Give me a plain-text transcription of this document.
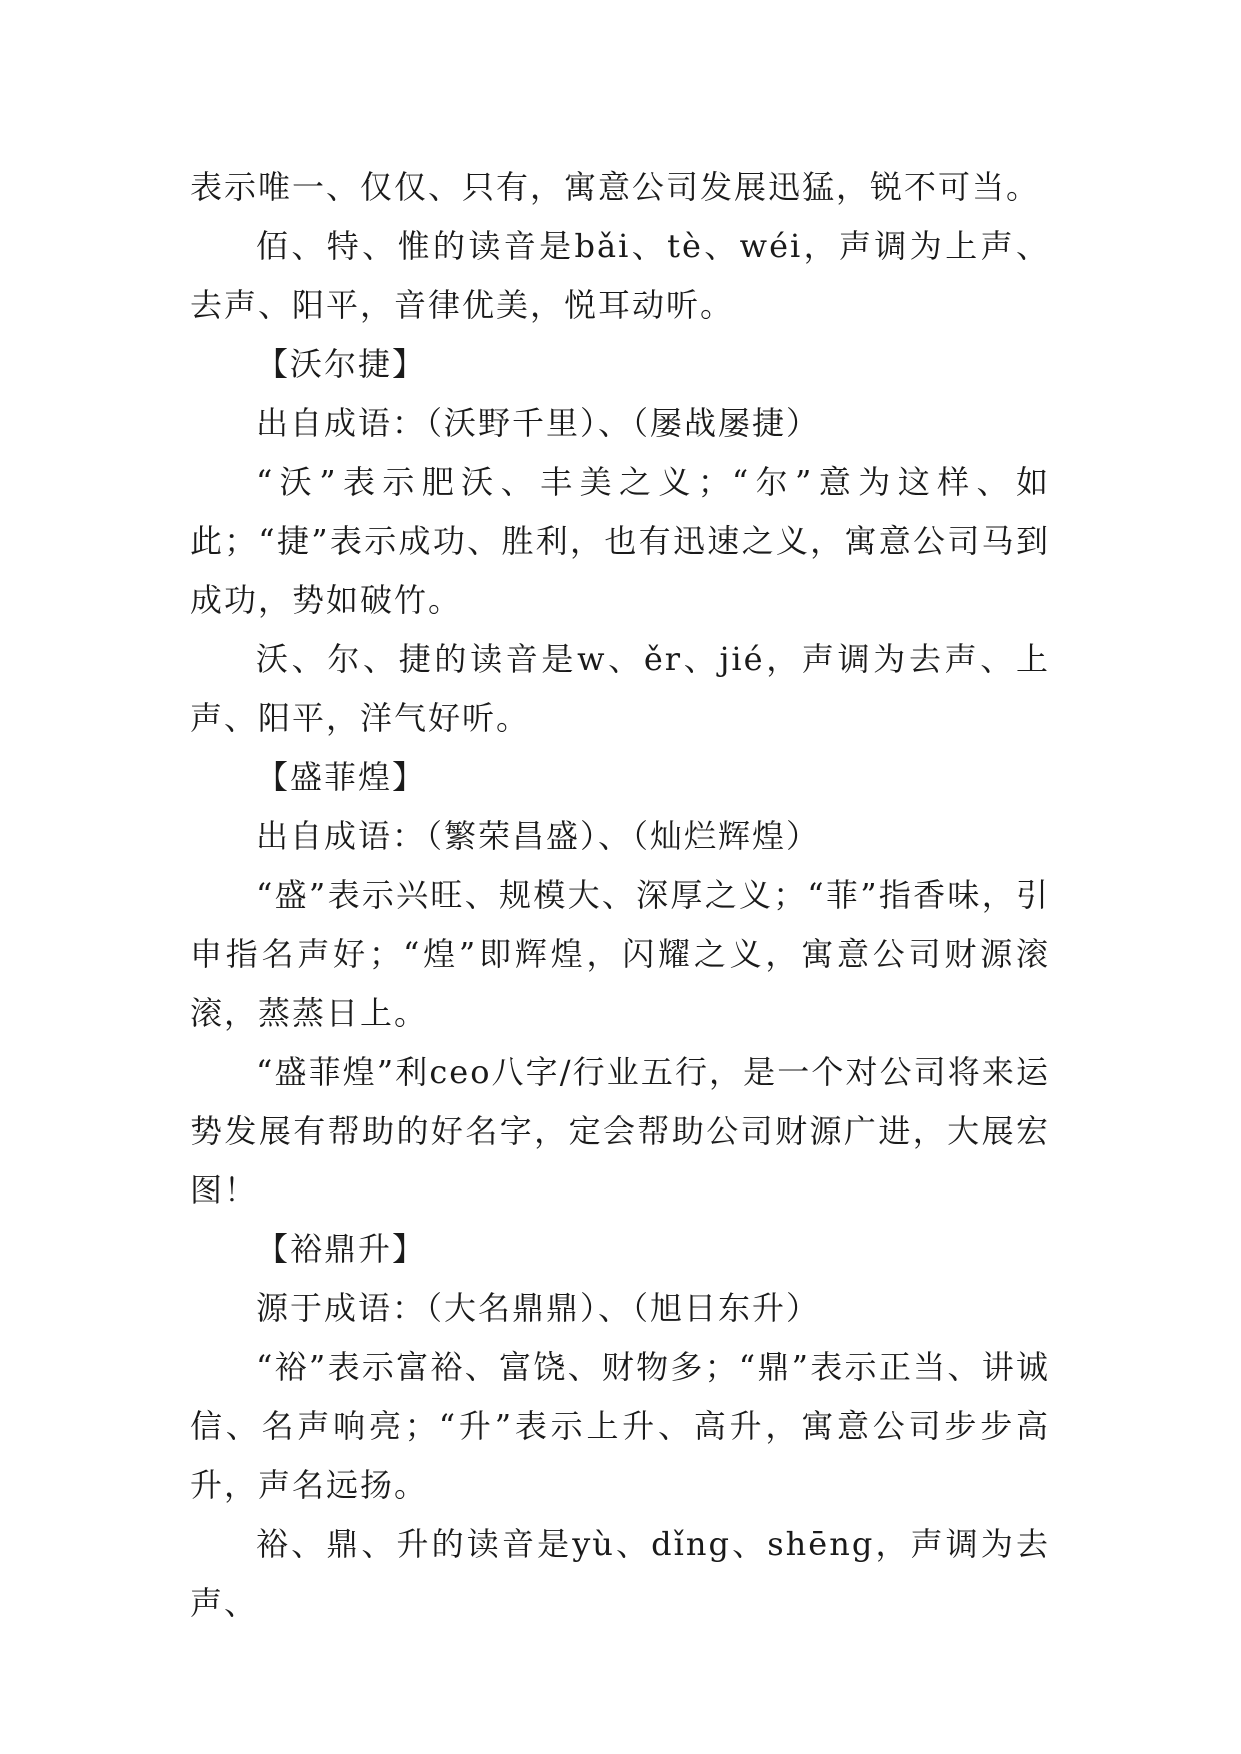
表示唯一、仅仅、只有，寓意公司发展迅猛，锐不可当。

佰、特、惟的读音是bǎi、tè、wéi，声调为上声、去声、阳平，音律优美，悦耳动听。

【沃尔捷】

出自成语：（沃野千里）、（屡战屡捷）

“沃”表示肥沃、丰美之义；“尔”意为这样、如此；“捷”表示成功、胜利，也有迅速之义，寓意公司马到成功，势如破竹。

沃、尔、捷的读音是w、ěr、jié，声调为去声、上声、阳平，洋气好听。

【盛菲煌】

出自成语：（繁荣昌盛）、（灿烂辉煌）

“盛”表示兴旺、规模大、深厚之义；“菲”指香味，引申指名声好；“煌”即辉煌，闪耀之义，寓意公司财源滚滚，蒸蒸日上。

“盛菲煌”利ceo八字/行业五行，是一个对公司将来运势发展有帮助的好名字，定会帮助公司财源广进，大展宏图！

【裕鼎升】

源于成语：（大名鼎鼎）、（旭日东升）

“裕”表示富裕、富饶、财物多；“鼎”表示正当、讲诚信、名声响亮；“升”表示上升、高升，寓意公司步步高升，声名远扬。

裕、鼎、升的读音是yù、dǐng、shēng，声调为去声、
